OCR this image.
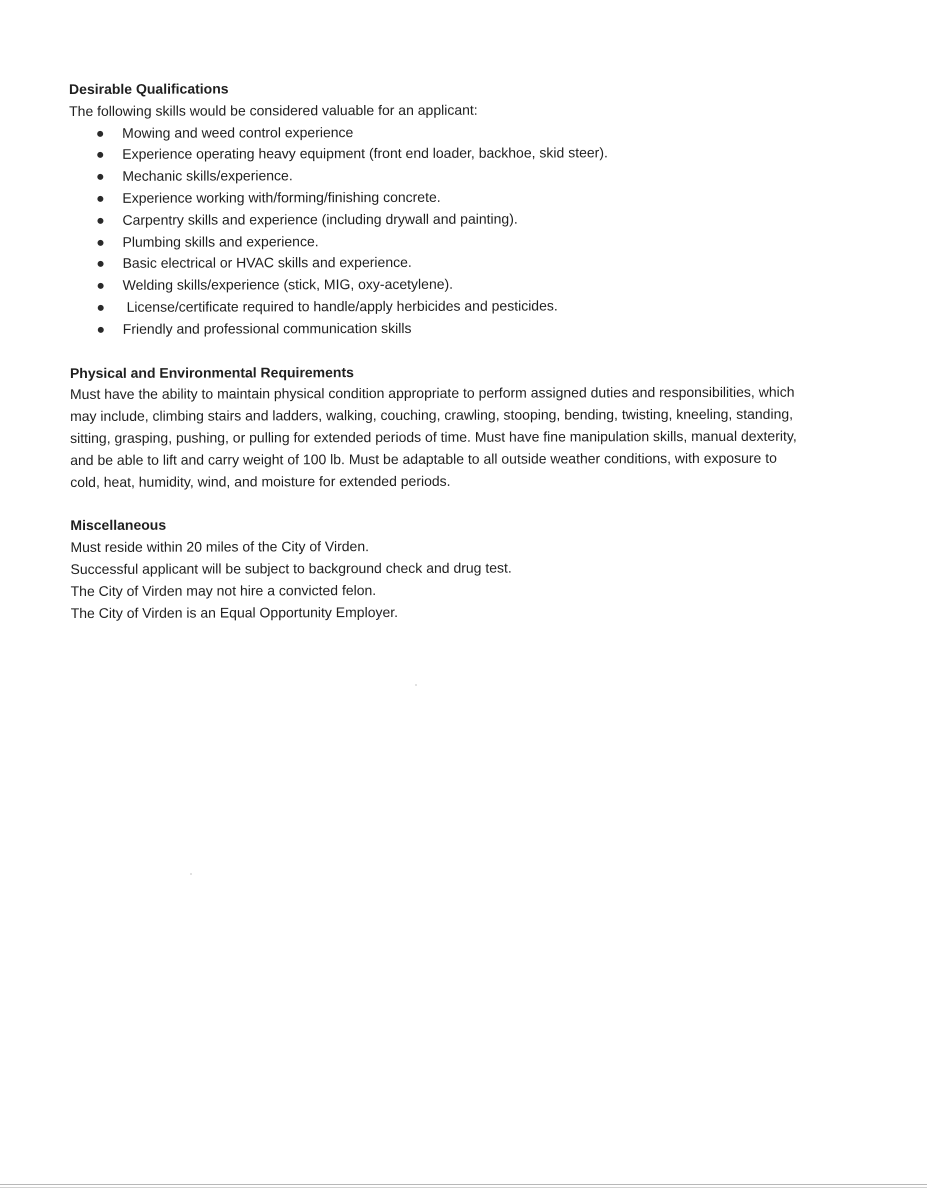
Desirable Qualifications

The following skills would be considered valuable for an applicant:

Mowing and weed control experience
Experience operating heavy equipment (front end loader, backhoe, skid steer).
Mechanic skills/experience.
Experience working with/forming/finishing concrete.
Carpentry skills and experience (including drywall and painting).
Plumbing skills and experience.
Basic electrical or HVAC skills and experience.
Welding skills/experience (stick, MIG, oxy-acetylene).
License/certificate required to handle/apply herbicides and pesticides.
Friendly and professional communication skills

Physical and Environmental Requirements

Must have the ability to maintain physical condition appropriate to perform assigned duties and responsibilities, which

may include, climbing stairs and ladders, walking, couching, crawling, stooping, bending, twisting, kneeling, standing,

sitting, grasping, pushing, or pulling for extended periods of time. Must have fine manipulation skills, manual dexterity,

and be able to lift and carry weight of 100 lb. Must be adaptable to all outside weather conditions, with exposure to

cold, heat, humidity, wind, and moisture for extended periods.

Miscellaneous

Must reside within 20 miles of the City of Virden.

Successful applicant will be subject to background check and drug test.

The City of Virden may not hire a convicted felon.

The City of Virden is an Equal Opportunity Employer.
